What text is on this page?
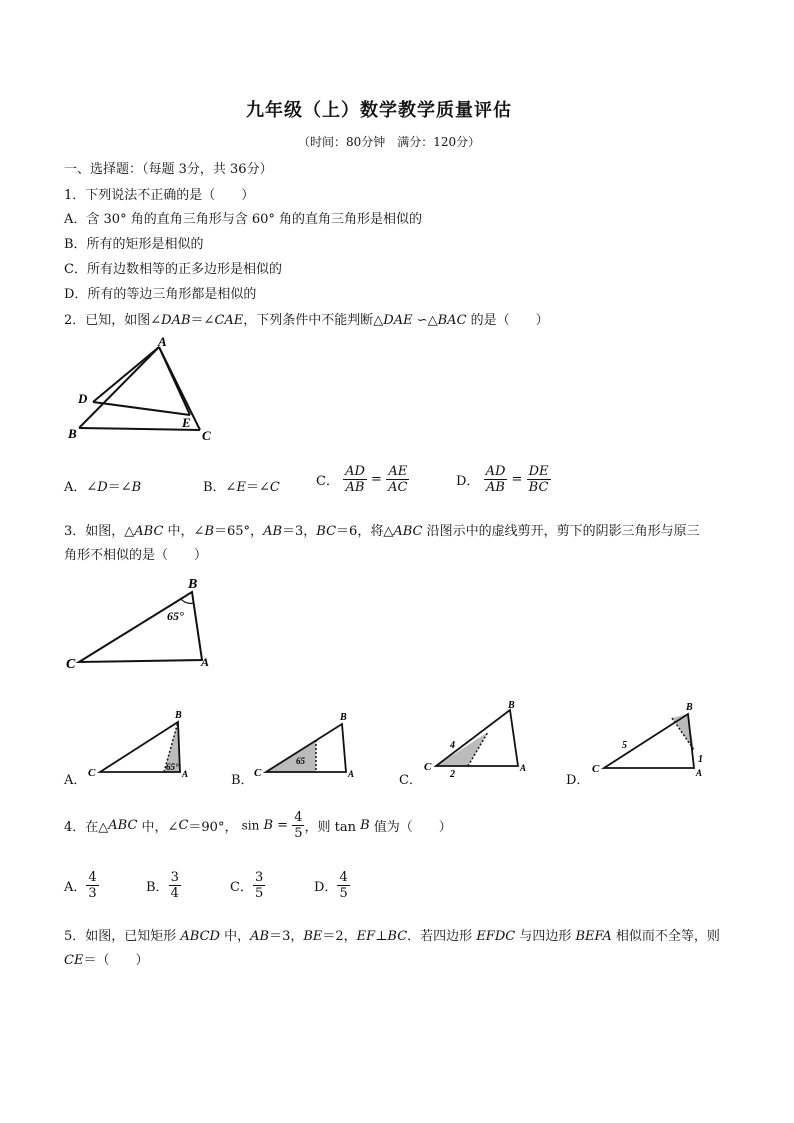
九年级（上）数学教学质量评估
（时间：80分钟　满分：120分）
一、选择题：（每题 3分，共 36分）
1．下列说法不正确的是（　　）
A．含 30° 角的直角三角形与含 60° 角的直角三角形是相似的
B．所有的矩形是相似的
C．所有边数相等的正多边形是相似的
D．所有的等边三角形都是相似的
2．已知，如图∠DAB＝∠CAE，下列条件中不能判断△DAE ∽△BAC 的是（　　）
A
B	C
D
E
A．∠D＝∠B	B．∠E＝∠C	C． $\frac{AD}{AB} = \frac{AE}{AC}$	D． $\frac{AD}{AB} = \frac{DE}{BC}$
3．如图，△ABC 中，∠B＝65°，AB＝3，BC＝6，将△ABC 沿图示中的虚线剪开，剪下的阴影三角形与原三
角形不相似的是（　　）
B
C	A
65°
A．	B．	C．	D．
B
C	A
65°
B
C	A
65
B
C	A
4
2
B
C	A
5
1
4．在△ABC 中，∠C＝90°， $\sin B = \frac{4}{5}$ ，则 tan B 值为（　　）
A． $\frac{4}{3}$	B． $\frac{3}{4}$	C． $\frac{3}{5}$	D． $\frac{4}{5}$
5．如图，已知矩形 ABCD 中，AB＝3，BE＝2，EF⊥BC．若四边形 EFDC 与四边形 BEFA 相似而不全等，则
CE＝（　　）
